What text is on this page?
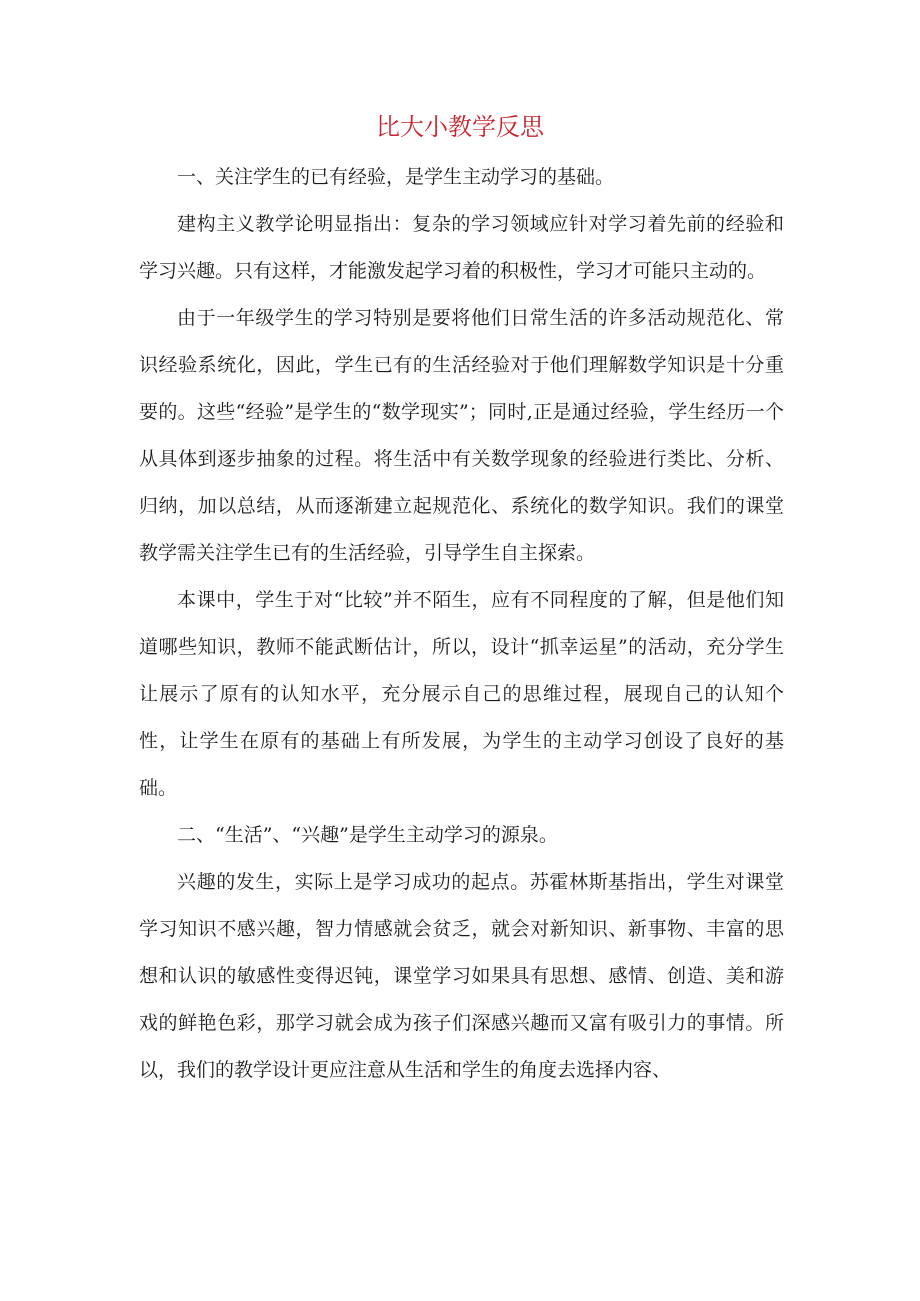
比大小教学反思

一、关注学生的已有经验，是学生主动学习的基础。

建构主义教学论明显指出：复杂的学习领域应针对学习着先前的经验和学习兴趣。只有这样，才能激发起学习着的积极性，学习才可能只主动的。

由于一年级学生的学习特别是要将他们日常生活的许多活动规范化、常识经验系统化，因此，学生已有的生活经验对于他们理解数学知识是十分重要的。这些“经验”是学生的“数学现实”；同时,正是通过经验，学生经历一个从具体到逐步抽象的过程。将生活中有关数学现象的经验进行类比、分析、归纳，加以总结，从而逐渐建立起规范化、系统化的数学知识。我们的课堂教学需关注学生已有的生活经验，引导学生自主探索。

本课中，学生于对“比较”并不陌生，应有不同程度的了解，但是他们知道哪些知识，教师不能武断估计，所以，设计“抓幸运星”的活动，充分学生让展示了原有的认知水平，充分展示自己的思维过程，展现自己的认知个性，让学生在原有的基础上有所发展，为学生的主动学习创设了良好的基础。

二、“生活”、“兴趣”是学生主动学习的源泉。

兴趣的发生，实际上是学习成功的起点。苏霍林斯基指出，学生对课堂学习知识不感兴趣，智力情感就会贫乏，就会对新知识、新事物、丰富的思想和认识的敏感性变得迟钝，课堂学习如果具有思想、感情、创造、美和游戏的鲜艳色彩，那学习就会成为孩子们深感兴趣而又富有吸引力的事情。所以，我们的教学设计更应注意从生活和学生的角度去选择内容、
